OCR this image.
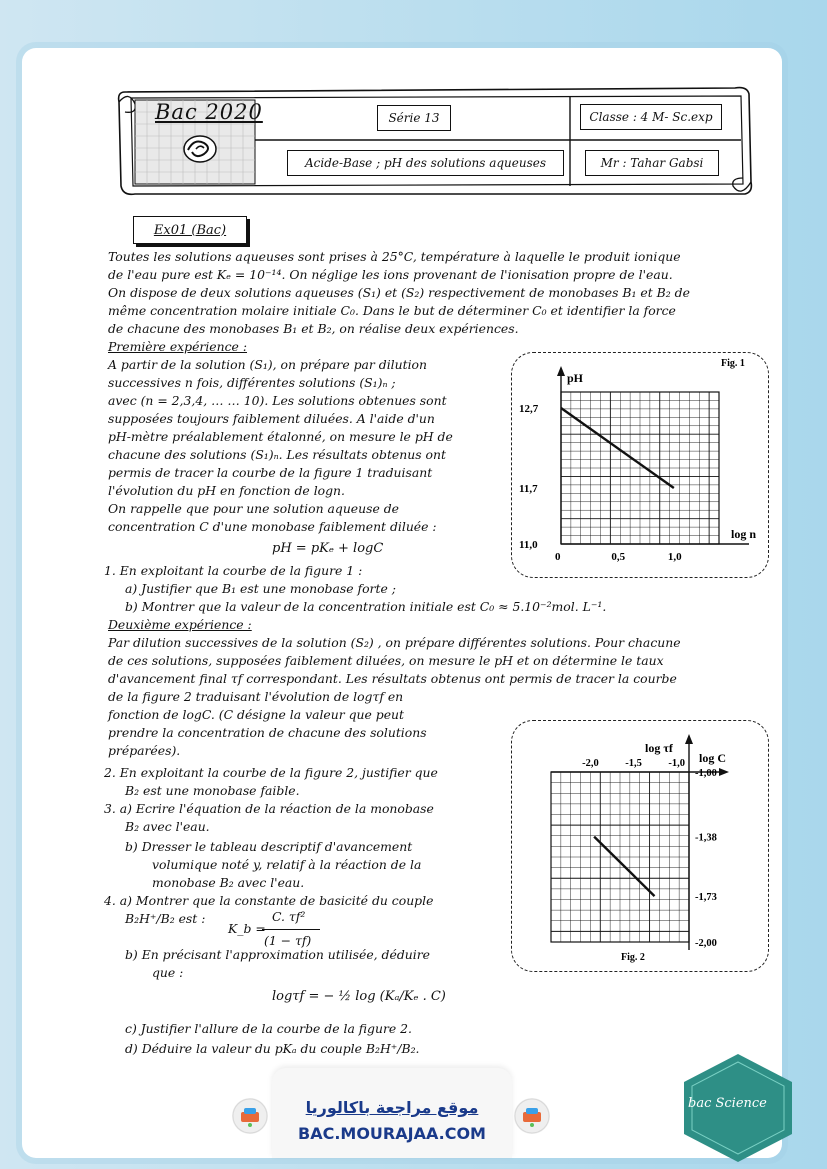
Bac 2020	Série 13	Classe : 4 M- Sc.exp
Acide-Base ; pH des solutions aqueuses	Mr : Tahar Gabsi
Ex01 (Bac)
Toutes les solutions aqueuses sont prises à 25°C, température à laquelle le produit ionique
de l'eau pure est Kₑ = 10⁻¹⁴. On néglige les ions provenant de l'ionisation propre de l'eau.
On dispose de deux solutions aqueuses (S₁) et (S₂) respectivement de monobases B₁ et B₂ de
même concentration molaire initiale C₀. Dans le but de déterminer C₀ et identifier la force
de chacune des monobases B₁ et B₂, on réalise deux expériences.
Première expérience :
A partir de la solution (S₁), on prépare par dilution
successives n fois, différentes solutions (S₁)ₙ ;
avec (n = 2,3,4, … … 10). Les solutions obtenues sont
supposées toujours faiblement diluées. A l'aide d'un
pH-mètre préalablement étalonné, on mesure le pH de
chacune des solutions (S₁)ₙ. Les résultats obtenus ont
permis de tracer la courbe de la figure 1 traduisant
l'évolution du pH en fonction de logn.
On rappelle que pour une solution aqueuse de
concentration C d'une monobase faiblement diluée :
pH = pKₑ + logC
1. En exploitant la courbe de la figure 1 :
a) Justifier que B₁ est une monobase forte ;
b) Montrer que la valeur de la concentration initiale est C₀ ≈ 5.10⁻²mol. L⁻¹.
pH
log n
12,7
11,7
11,0
0	0,5	1,0
Fig. 1
Deuxième expérience :
Par dilution successives de la solution (S₂) , on prépare différentes solutions. Pour chacune
de ces solutions, supposées faiblement diluées, on mesure le pH et on détermine le taux
d'avancement final τf correspondant. Les résultats obtenus ont permis de tracer la courbe
de la figure 2 traduisant l'évolution de logτf en
fonction de logC. (C désigne la valeur que peut
prendre la concentration de chacune des solutions
préparées).
2. En exploitant la courbe de la figure 2, justifier que
B₂ est une monobase faible.
3. a) Ecrire l'équation de la réaction de la monobase
B₂ avec l'eau.
b) Dresser le tableau descriptif d'avancement
volumique noté y, relatif à la réaction de la
monobase B₂ avec l'eau.
4. a) Montrer que la constante de basicité du couple
B₂H⁺/B₂ est :
K_b =
C. τf²
(1 − τf)
b) En précisant l'approximation utilisée, déduire
que :
logτf = − ½ log (Kₐ/Kₑ . C)
c) Justifier l'allure de la courbe de la figure 2.
d) Déduire la valeur du pKₐ du couple B₂H⁺/B₂.
log τf
log C
-1,00
-1,38
-1,73
-2,00
-2,0	-1,5	-1,0
Fig. 2
موقع مراجعة باكالوريا
BAC.MOURAJAA.COM
bac Science
